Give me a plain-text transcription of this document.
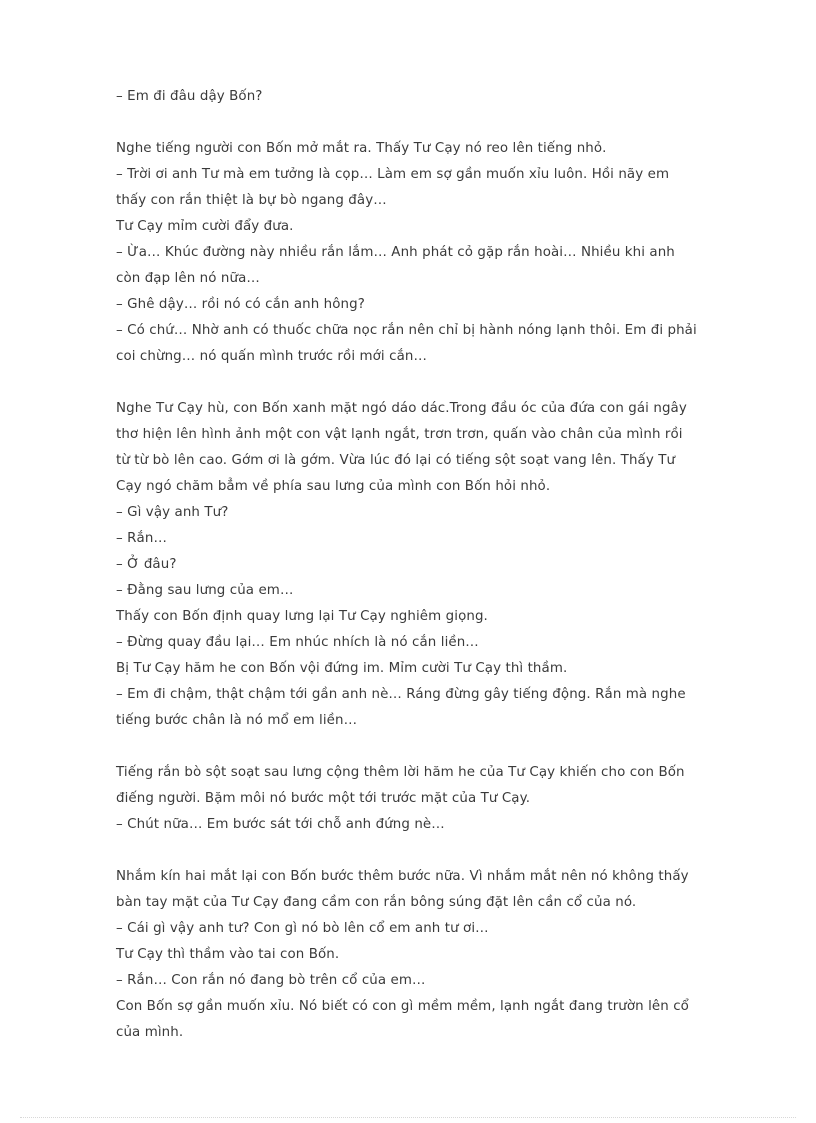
– Em đi đâu dậy Bốn?
Nghe tiếng người con Bốn mở mắt ra. Thấy Tư Cạy nó reo lên tiếng nhỏ.
– Trời ơi anh Tư mà em tưởng là cọp… Làm em sợ gần muốn xỉu luôn. Hồi nãy em
thấy con rắn thiệt là bự bò ngang đây…
Tư Cạy mỉm cười đẩy đưa.
– Ừa… Khúc đường này nhiều rắn lắm… Anh phát cỏ gặp rắn hoài… Nhiều khi anh
còn đạp lên nó nữa…
– Ghê dậy… rồi nó có cắn anh hông?
– Có chứ… Nhờ anh có thuốc chữa nọc rắn nên chỉ bị hành nóng lạnh thôi. Em đi phải
coi chừng… nó quấn mình trước rồi mới cắn…
Nghe Tư Cạy hù, con Bốn xanh mặt ngó dáo dác.Trong đầu óc của đứa con gái ngây
thơ hiện lên hình ảnh một con vật lạnh ngắt, trơn trơn, quấn vào chân của mình rồi
từ từ bò lên cao. Gớm ơi là gớm. Vừa lúc đó lại có tiếng sột soạt vang lên. Thấy Tư
Cạy ngó chăm bẳm về phía sau lưng của mình con Bốn hỏi nhỏ.
– Gì vậy anh Tư?
– Rắn…
– Ở đâu?
– Đằng sau lưng của em…
Thấy con Bốn định quay lưng lại Tư Cạy nghiêm giọng.
– Đừng quay đầu lại… Em nhúc nhích là nó cắn liền…
Bị Tư Cạy hăm he con Bốn vội đứng im. Mỉm cười Tư Cạy thì thầm.
– Em đi chậm, thật chậm tới gần anh nè… Ráng đừng gây tiếng động. Rắn mà nghe
tiếng bước chân là nó mổ em liền…
Tiếng rắn bò sột soạt sau lưng cộng thêm lời hăm he của Tư Cạy khiến cho con Bốn
điếng người. Bặm môi nó bước một tới trước mặt của Tư Cạy.
– Chút nữa… Em bước sát tới chỗ anh đứng nè…
Nhắm kín hai mắt lại con Bốn bước thêm bước nữa. Vì nhắm mắt nên nó không thấy
bàn tay mặt của Tư Cạy đang cầm con rắn bông súng đặt lên cần cổ của nó.
– Cái gì vậy anh tư? Con gì nó bò lên cổ em anh tư ơi…
Tư Cạy thì thầm vào tai con Bốn.
– Rắn… Con rắn nó đang bò trên cổ của em…
Con Bốn sợ gần muốn xỉu. Nó biết có con gì mềm mềm, lạnh ngắt đang trườn lên cổ
của mình.
